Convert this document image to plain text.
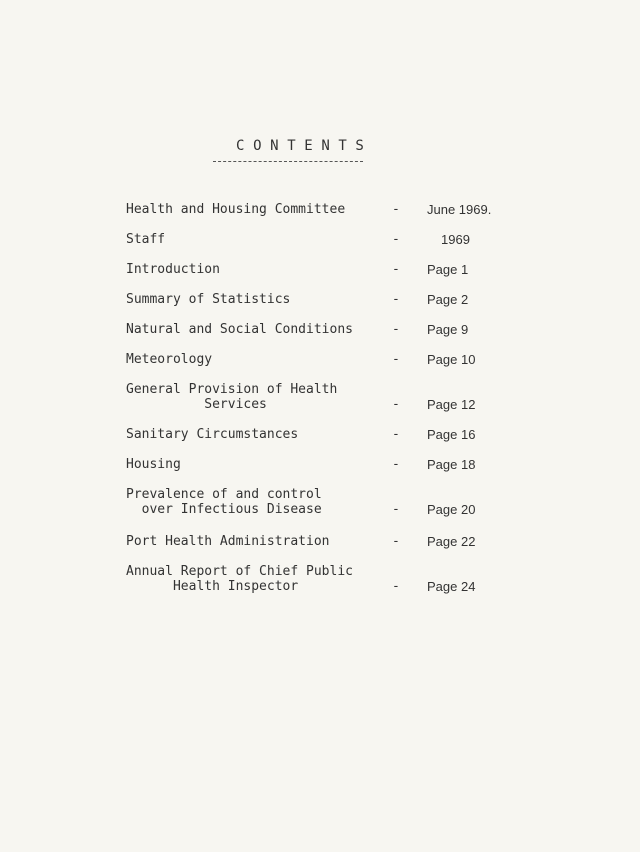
C O N T E N T S
Health and Housing Committee	- June 1969.
Staff	-	1969
Introduction	- Page 1
Summary of Statistics	- Page 2
Natural and Social Conditions	- Page 9
Meteorology	- Page 10
General Provision of Health
Services	- Page 12
Sanitary Circumstances	- Page 16
Housing	- Page 18
Prevalence of and control
over Infectious Disease	- Page 20
Port Health Administration	- Page 22
Annual Report of Chief Public
Health Inspector	- Page 24
